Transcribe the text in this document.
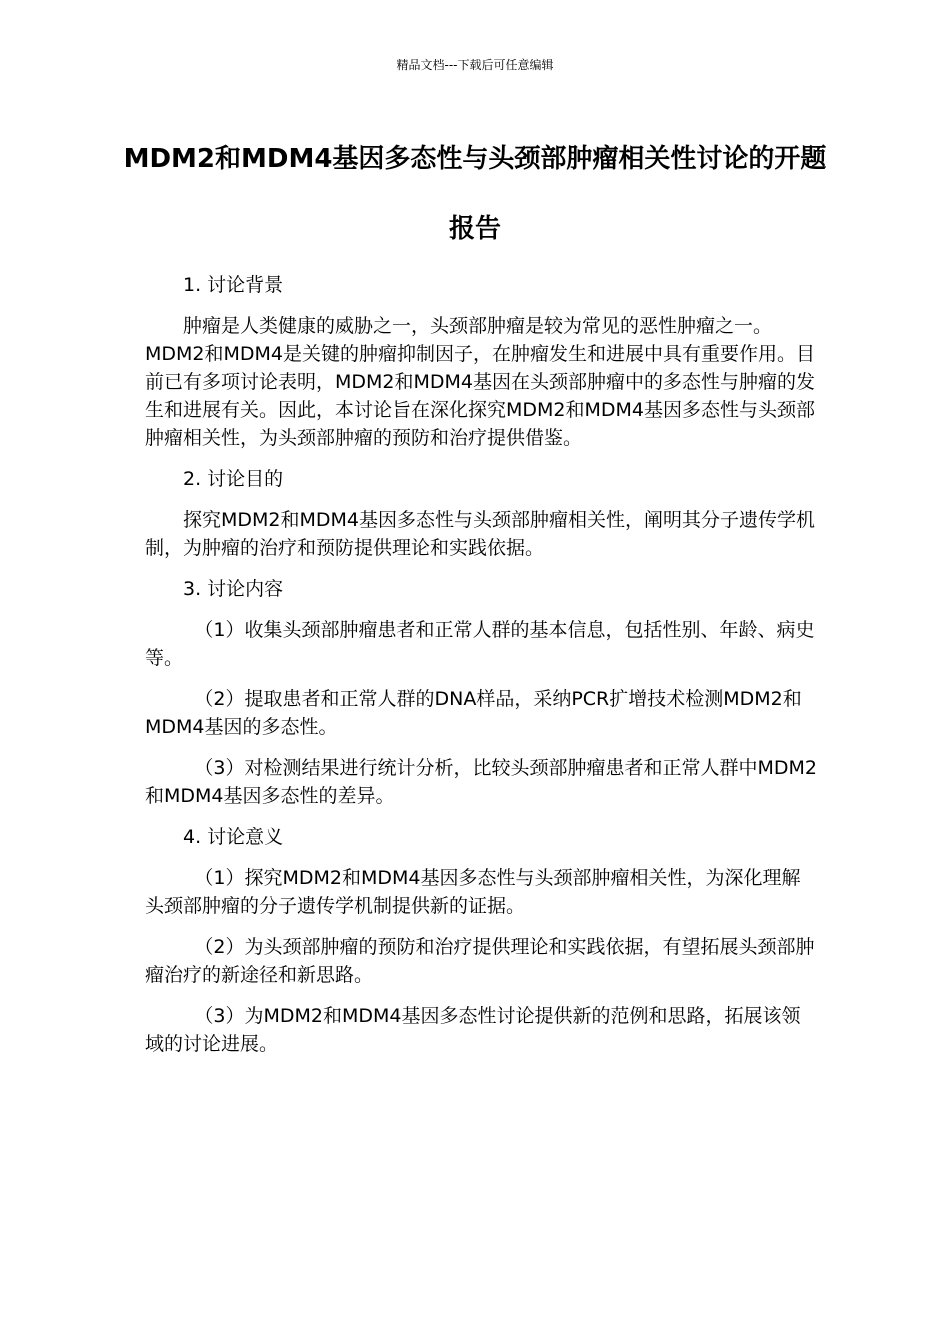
精品文档---下载后可任意编辑
MDM2和MDM4基因多态性与头颈部肿瘤相关性讨论的开题报告

1. 讨论背景

肿瘤是人类健康的威胁之一，头颈部肿瘤是较为常见的恶性肿瘤之一。MDM2和MDM4是关键的肿瘤抑制因子，在肿瘤发生和进展中具有重要作用。目前已有多项讨论表明，MDM2和MDM4基因在头颈部肿瘤中的多态性与肿瘤的发生和进展有关。因此，本讨论旨在深化探究MDM2和MDM4基因多态性与头颈部肿瘤相关性，为头颈部肿瘤的预防和治疗提供借鉴。

2. 讨论目的

探究MDM2和MDM4基因多态性与头颈部肿瘤相关性，阐明其分子遗传学机制，为肿瘤的治疗和预防提供理论和实践依据。

3. 讨论内容

（1）收集头颈部肿瘤患者和正常人群的基本信息，包括性别、年龄、病史等。

（2）提取患者和正常人群的DNA样品，采纳PCR扩增技术检测MDM2和MDM4基因的多态性。

（3）对检测结果进行统计分析，比较头颈部肿瘤患者和正常人群中MDM2和MDM4基因多态性的差异。

4. 讨论意义

（1）探究MDM2和MDM4基因多态性与头颈部肿瘤相关性，为深化理解头颈部肿瘤的分子遗传学机制提供新的证据。

（2）为头颈部肿瘤的预防和治疗提供理论和实践依据，有望拓展头颈部肿瘤治疗的新途径和新思路。

（3）为MDM2和MDM4基因多态性讨论提供新的范例和思路，拓展该领域的讨论进展。
